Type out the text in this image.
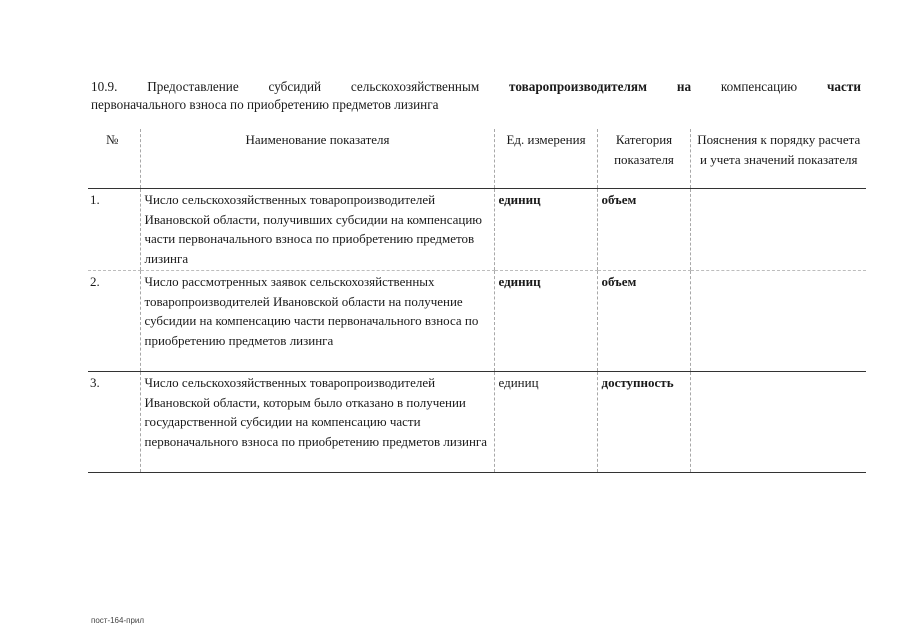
10.9. Предоставление субсидий сельскохозяйственным товаропроизводителям на компенсацию части
первоначального взноса по приобретению предметов лизинга
№	Наименование показателя	Ед. измерения	Категория показателя	Пояснения к порядку расчета и учета значений показателя
1.	Число сельскохозяйственных товаропроизводителей Ивановской области, получивших субсидии на компенсацию части первоначального взноса по приобретению предметов лизинга	единиц	объем	
2.	Число рассмотренных заявок сельскохозяйственных товаропроизводителей Ивановской области на получение субсидии на компенсацию части первоначального взноса по приобретению предметов лизинга	единиц	объем	
3.	Число сельскохозяйственных товаропроизводителей Ивановской области, которым было отказано в получении государственной субсидии на компенсацию части первоначального взноса по приобретению предметов лизинга	единиц	доступность	
пост-164-прил
